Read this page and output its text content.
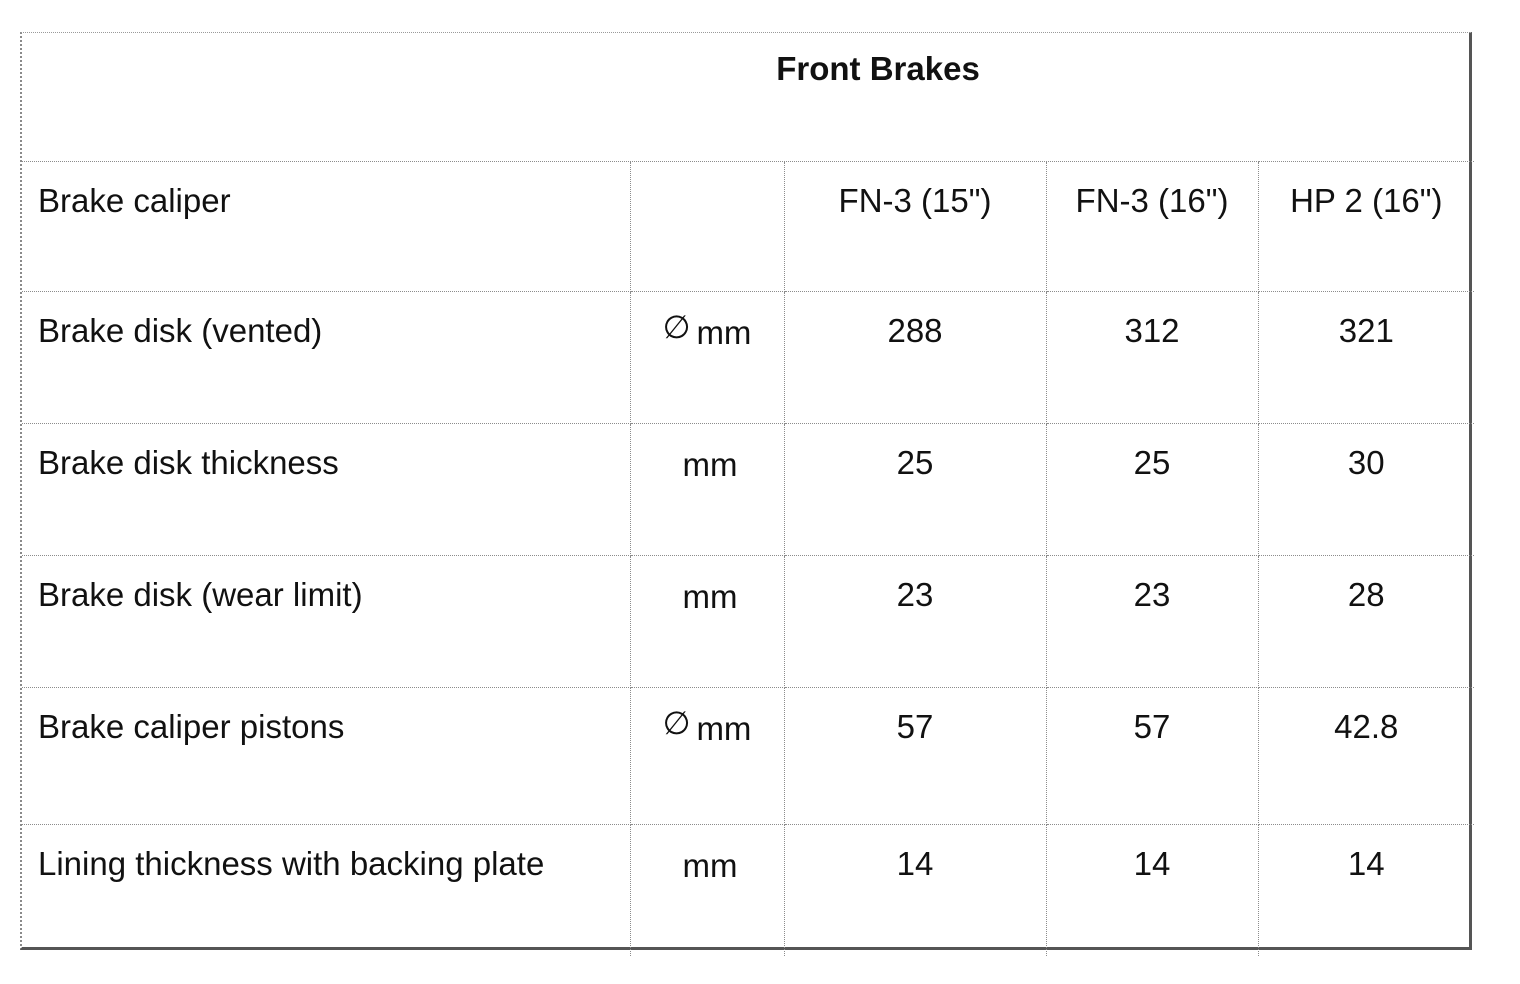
Front Brakes				
Brake caliper		FN-3 (15")	FN-3 (16")	HP 2 (16")
Brake disk (vented)	∅ mm	288	312	321
Brake disk thickness	mm	25	25	30
Brake disk (wear limit)	mm	23	23	28
Brake caliper pistons	∅ mm	57	57	42.8
Lining thickness with backing plate	mm	14	14	14
